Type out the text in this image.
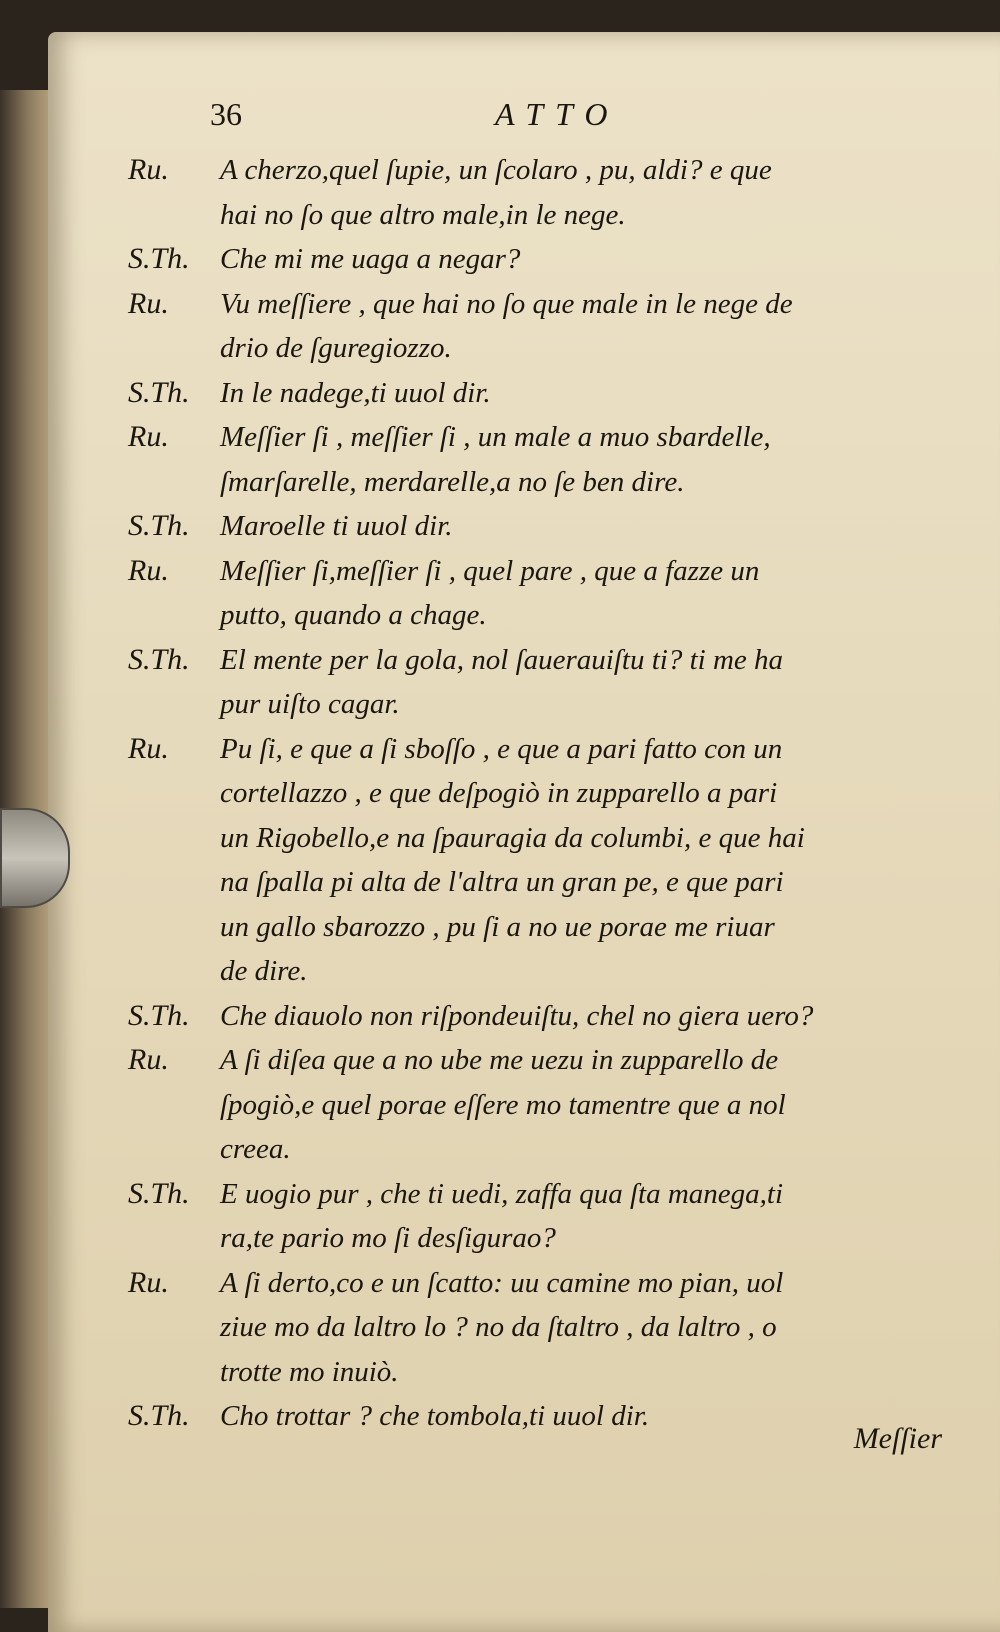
36	ATTO
Ru.	A cherzo,quel ſupie, un ſcolaro , pu, aldi? e que
hai no ſo que altro male,in le nege.
S.Th.	Che mi me uaga a negar?
Ru.	Vu meſſiere , que hai no ſo que male in le nege de
drio de ſguregiozzo.
S.Th.	In le nadege,ti uuol dir.
Ru.	Meſſier ſi , meſſier ſi , un male a muo sbardelle,
ſmarſarelle, merdarelle,a no ſe ben dire.
S.Th.	Maroelle ti uuol dir.
Ru.	Meſſier ſi,meſſier ſi , quel pare , que a fazze un
putto, quando a chage.
S.Th.	El mente per la gola, nol ſauerauiſtu ti? ti me ha
pur uiſto cagar.
Ru.	Pu ſi, e que a ſi sboſſo , e que a pari fatto con un
cortellazzo , e que deſpogiò in zupparello a pari
un Rigobello,e na ſpauragia da columbi, e que hai
na ſpalla pi alta de l'altra un gran pe, e que pari
un gallo sbarozzo , pu ſi a no ue porae me riuar
de dire.
S.Th.	Che diauolo non riſpondeuiſtu, chel no giera uero?
Ru.	A ſi diſea que a no ube me uezu in zupparello de
ſpogiò,e quel porae eſſere mo tamentre que a nol
creea.
S.Th.	E uogio pur , che ti uedi, zaffa qua ſta manega,ti
ra,te pario mo ſi desſigurao?
Ru.	A ſi derto,co e un ſcatto: uu camine mo pian, uol
ziue mo da laltro lo ? no da ſtaltro , da laltro , o
trotte mo inuiò.
S.Th.	Cho trottar ? che tombola,ti uuol dir.
Meſſier
